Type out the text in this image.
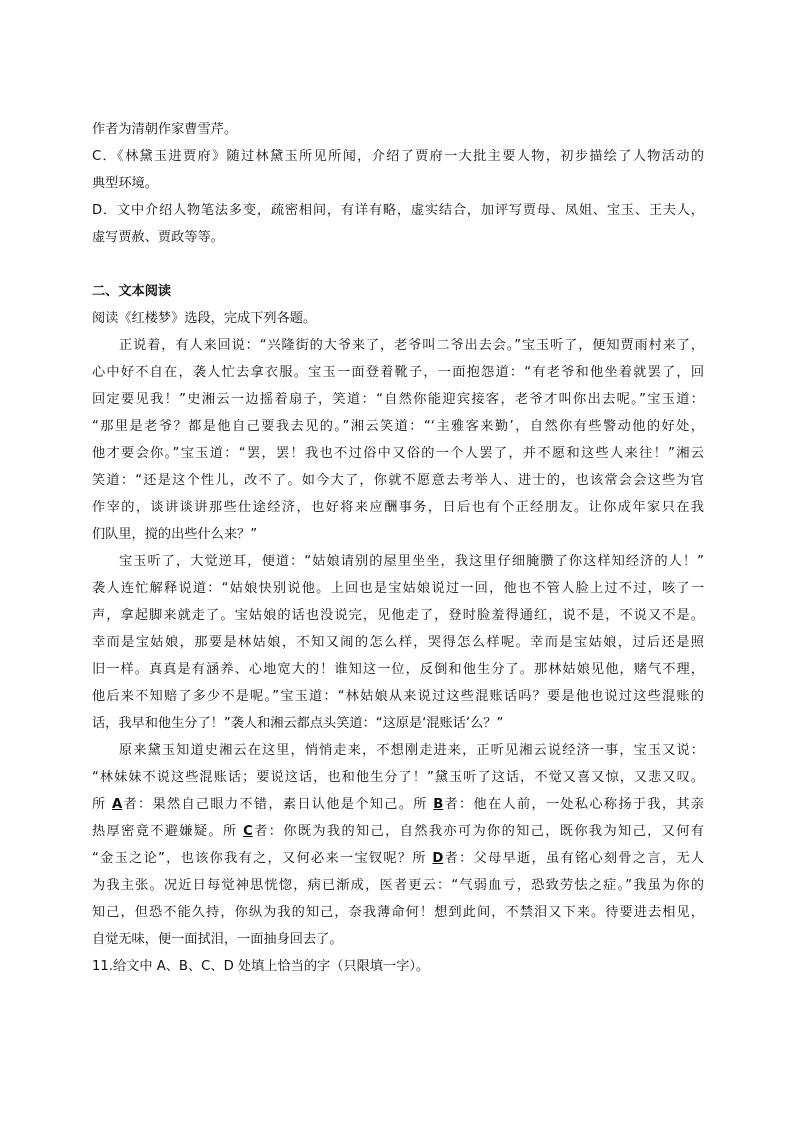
作者为清朝作家曹雪芹。
C．《林黛玉进贾府》随过林黛玉所见所闻，介绍了贾府一大批主要人物，初步描绘了人物活动的
典型环境。
D．文中介绍人物笔法多变，疏密相间，有详有略，虚实结合，加评写贾母、凤姐、宝玉、王夫人，
虚写贾赦、贾政等等。
二、文本阅读
阅读《红楼梦》选段，完成下列各题。
正说着，有人来回说：“兴隆街的大爷来了，老爷叫二爷出去会。”宝玉听了，便知贾雨村来了，
心中好不自在，袭人忙去拿衣服。宝玉一面登着靴子，一面抱怨道：“有老爷和他坐着就罢了，回
回定要见我！”史湘云一边摇着扇子，笑道：“自然你能迎宾接客，老爷才叫你出去呢。”宝玉道：
“那里是老爷？都是他自己要我去见的。”湘云笑道：“‘主雅客来勤’，自然你有些警动他的好处，
他才要会你。”宝玉道：“罢，罢！我也不过俗中又俗的一个人罢了，并不愿和这些人来往！”湘云
笑道：“还是这个性儿，改不了。如今大了，你就不愿意去考举人、进士的，也该常会会这些为官
作宰的，谈讲谈讲那些仕途经济，也好将来应酬事务，日后也有个正经朋友。让你成年家只在我
们队里，搅的出些什么来？”
宝玉听了，大觉逆耳，便道：“姑娘请别的屋里坐坐，我这里仔细腌臜了你这样知经济的人！”
袭人连忙解释说道：“姑娘快别说他。上回也是宝姑娘说过一回，他也不管人脸上过不过，咳了一
声，拿起脚来就走了。宝姑娘的话也没说完，见他走了，登时脸羞得通红，说不是，不说又不是。
幸而是宝姑娘，那要是林姑娘，不知又闹的怎么样，哭得怎么样呢。幸而是宝姑娘，过后还是照
旧一样。真真是有涵养、心地宽大的！谁知这一位，反倒和他生分了。那林姑娘见他，赌气不理，
他后来不知赔了多少不是呢。”宝玉道：“林姑娘从来说过这些混账话吗？要是他也说过这些混账的
话，我早和他生分了！”袭人和湘云都点头笑道：“这原是‘混账话’么？”
原来黛玉知道史湘云在这里，悄悄走来，不想刚走进来，正听见湘云说经济一事，宝玉又说：
“林妹妹不说这些混账话；要说这话，也和他生分了！”黛玉听了这话，不觉又喜又惊，又悲又叹。
所 A者：果然自己眼力不错，素日认他是个知己。所 B者：他在人前，一处私心称扬于我，其亲
热厚密竟不避嫌疑。所 C者：你既为我的知己，自然我亦可为你的知己，既你我为知己，又何有
“金玉之论”，也该你我有之，又何必来一宝钗呢？所 D者：父母早逝，虽有铭心刻骨之言，无人
为我主张。况近日每觉神思恍惚，病已渐成，医者更云：“气弱血亏，恐致劳怯之症。”我虽为你的
知己，但恐不能久持，你纵为我的知己，奈我薄命何！想到此间，不禁泪又下来。待要进去相见，
自觉无味，便一面拭泪，一面抽身回去了。
11.给文中 A、B、C、D 处填上恰当的字（只限填一字）。
